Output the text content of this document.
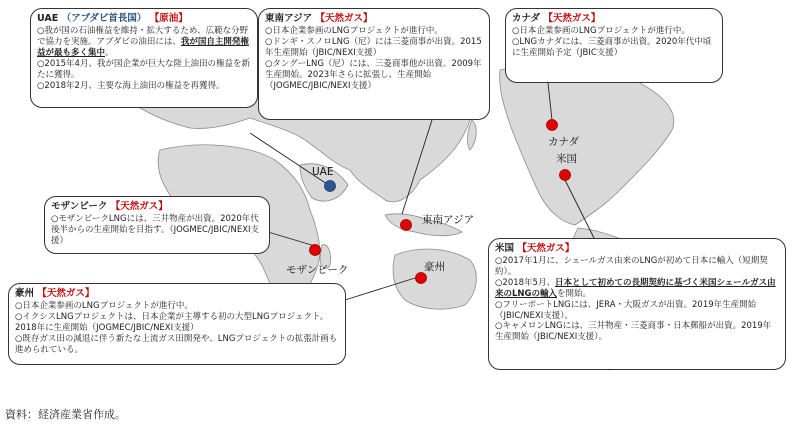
UAE
東南アジア
モザンビーク	豪州
カナダ
米国
UAE （アブダビ首長国） 【原油】

○我が国の石油権益を維持・拡大するため、広範な分野で協力を実施。アブダビの油田には、我が国自主開発権益が最も多く集中。

○2015年4月、我が国企業が巨大な陸上油田の権益を新たに獲得。

○2018年2月、主要な海上油田の権益を再獲得。

東南アジア 【天然ガス】

○日本企業参画のLNGプロジェクトが進行中。

○ドンギ・スノロLNG（尼）には三菱商事が出資。2015年生産開始（JBIC/NEXI支援）

○タングーLNG（尼）には、三菱商事他が出資。2009年生産開始。2023年さらに拡張し、生産開始（JOGMEC/JBIC/NEXI支援）

カナダ 【天然ガス】

○日本企業参画のLNGプロジェクトが進行中。

○LNGカナダには、三菱商事が出資。2020年代中頃に生産開始予定（JBIC支援）

モザンビーク 【天然ガス】

○モザンビークLNGには、三井物産が出資。2020年代後半からの生産開始を目指す。（JOGMEC/JBIC/NEXI支援）

豪州 【天然ガス】

○日本企業参画のLNGプロジェクトが進行中。

○イクシスLNGプロジェクトは、日本企業が主導する初の大型LNGプロジェクト。2018年に生産開始（JOGMEC/JBIC/NEXI支援）

○既存ガス田の減退に伴う新たな上流ガス田開発や、LNGプロジェクトの拡張計画も進められている。

米国 【天然ガス】

○2017年1月に、シェールガス由来のLNGが初めて日本に輸入（短期契約）。

○2018年5月、日本として初めての長期契約に基づく米国シェールガス由来のLNGの輸入を開始。

○フリーポートLNGには、JERA・大阪ガスが出資。2019年生産開始（JBIC/NEXI支援）。

○キャメロンLNGには、三井物産・三菱商事・日本郵船が出資。2019年生産開始（JBIC/NEXI支援）。

資料：経済産業省作成。
